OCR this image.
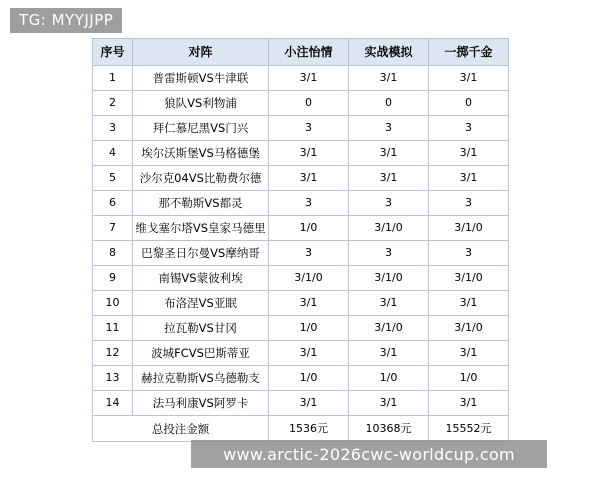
TG: MYYJJPP
序号	对阵	小注怡情	实战模拟	一掷千金
1	普雷斯顿VS牛津联	3/1	3/1	3/1
2	狼队VS利物浦	0	0	0
3	拜仁慕尼黑VS门兴	3	3	3
4	埃尔沃斯堡VS马格德堡	3/1	3/1	3/1
5	沙尔克04VS比勒费尔德	3/1	3/1	3/1
6	那不勒斯VS都灵	3	3	3
7	维戈塞尔塔VS皇家马德里	1/0	3/1/0	3/1/0
8	巴黎圣日尔曼VS摩纳哥	3	3	3
9	南锡VS蒙彼利埃	3/1/0	3/1/0	3/1/0
10	布洛涅VS亚眠	3/1	3/1	3/1
11	拉瓦勒VS甘冈	1/0	3/1/0	3/1/0
12	波城FCVS巴斯蒂亚	3/1	3/1	3/1
13	赫拉克勒斯VS乌德勒支	1/0	1/0	1/0
14	法马利康VS阿罗卡	3/1	3/1	3/1
总投注金额		1536元	10368元	15552元
www.arctic-2026cwc-worldcup.com
